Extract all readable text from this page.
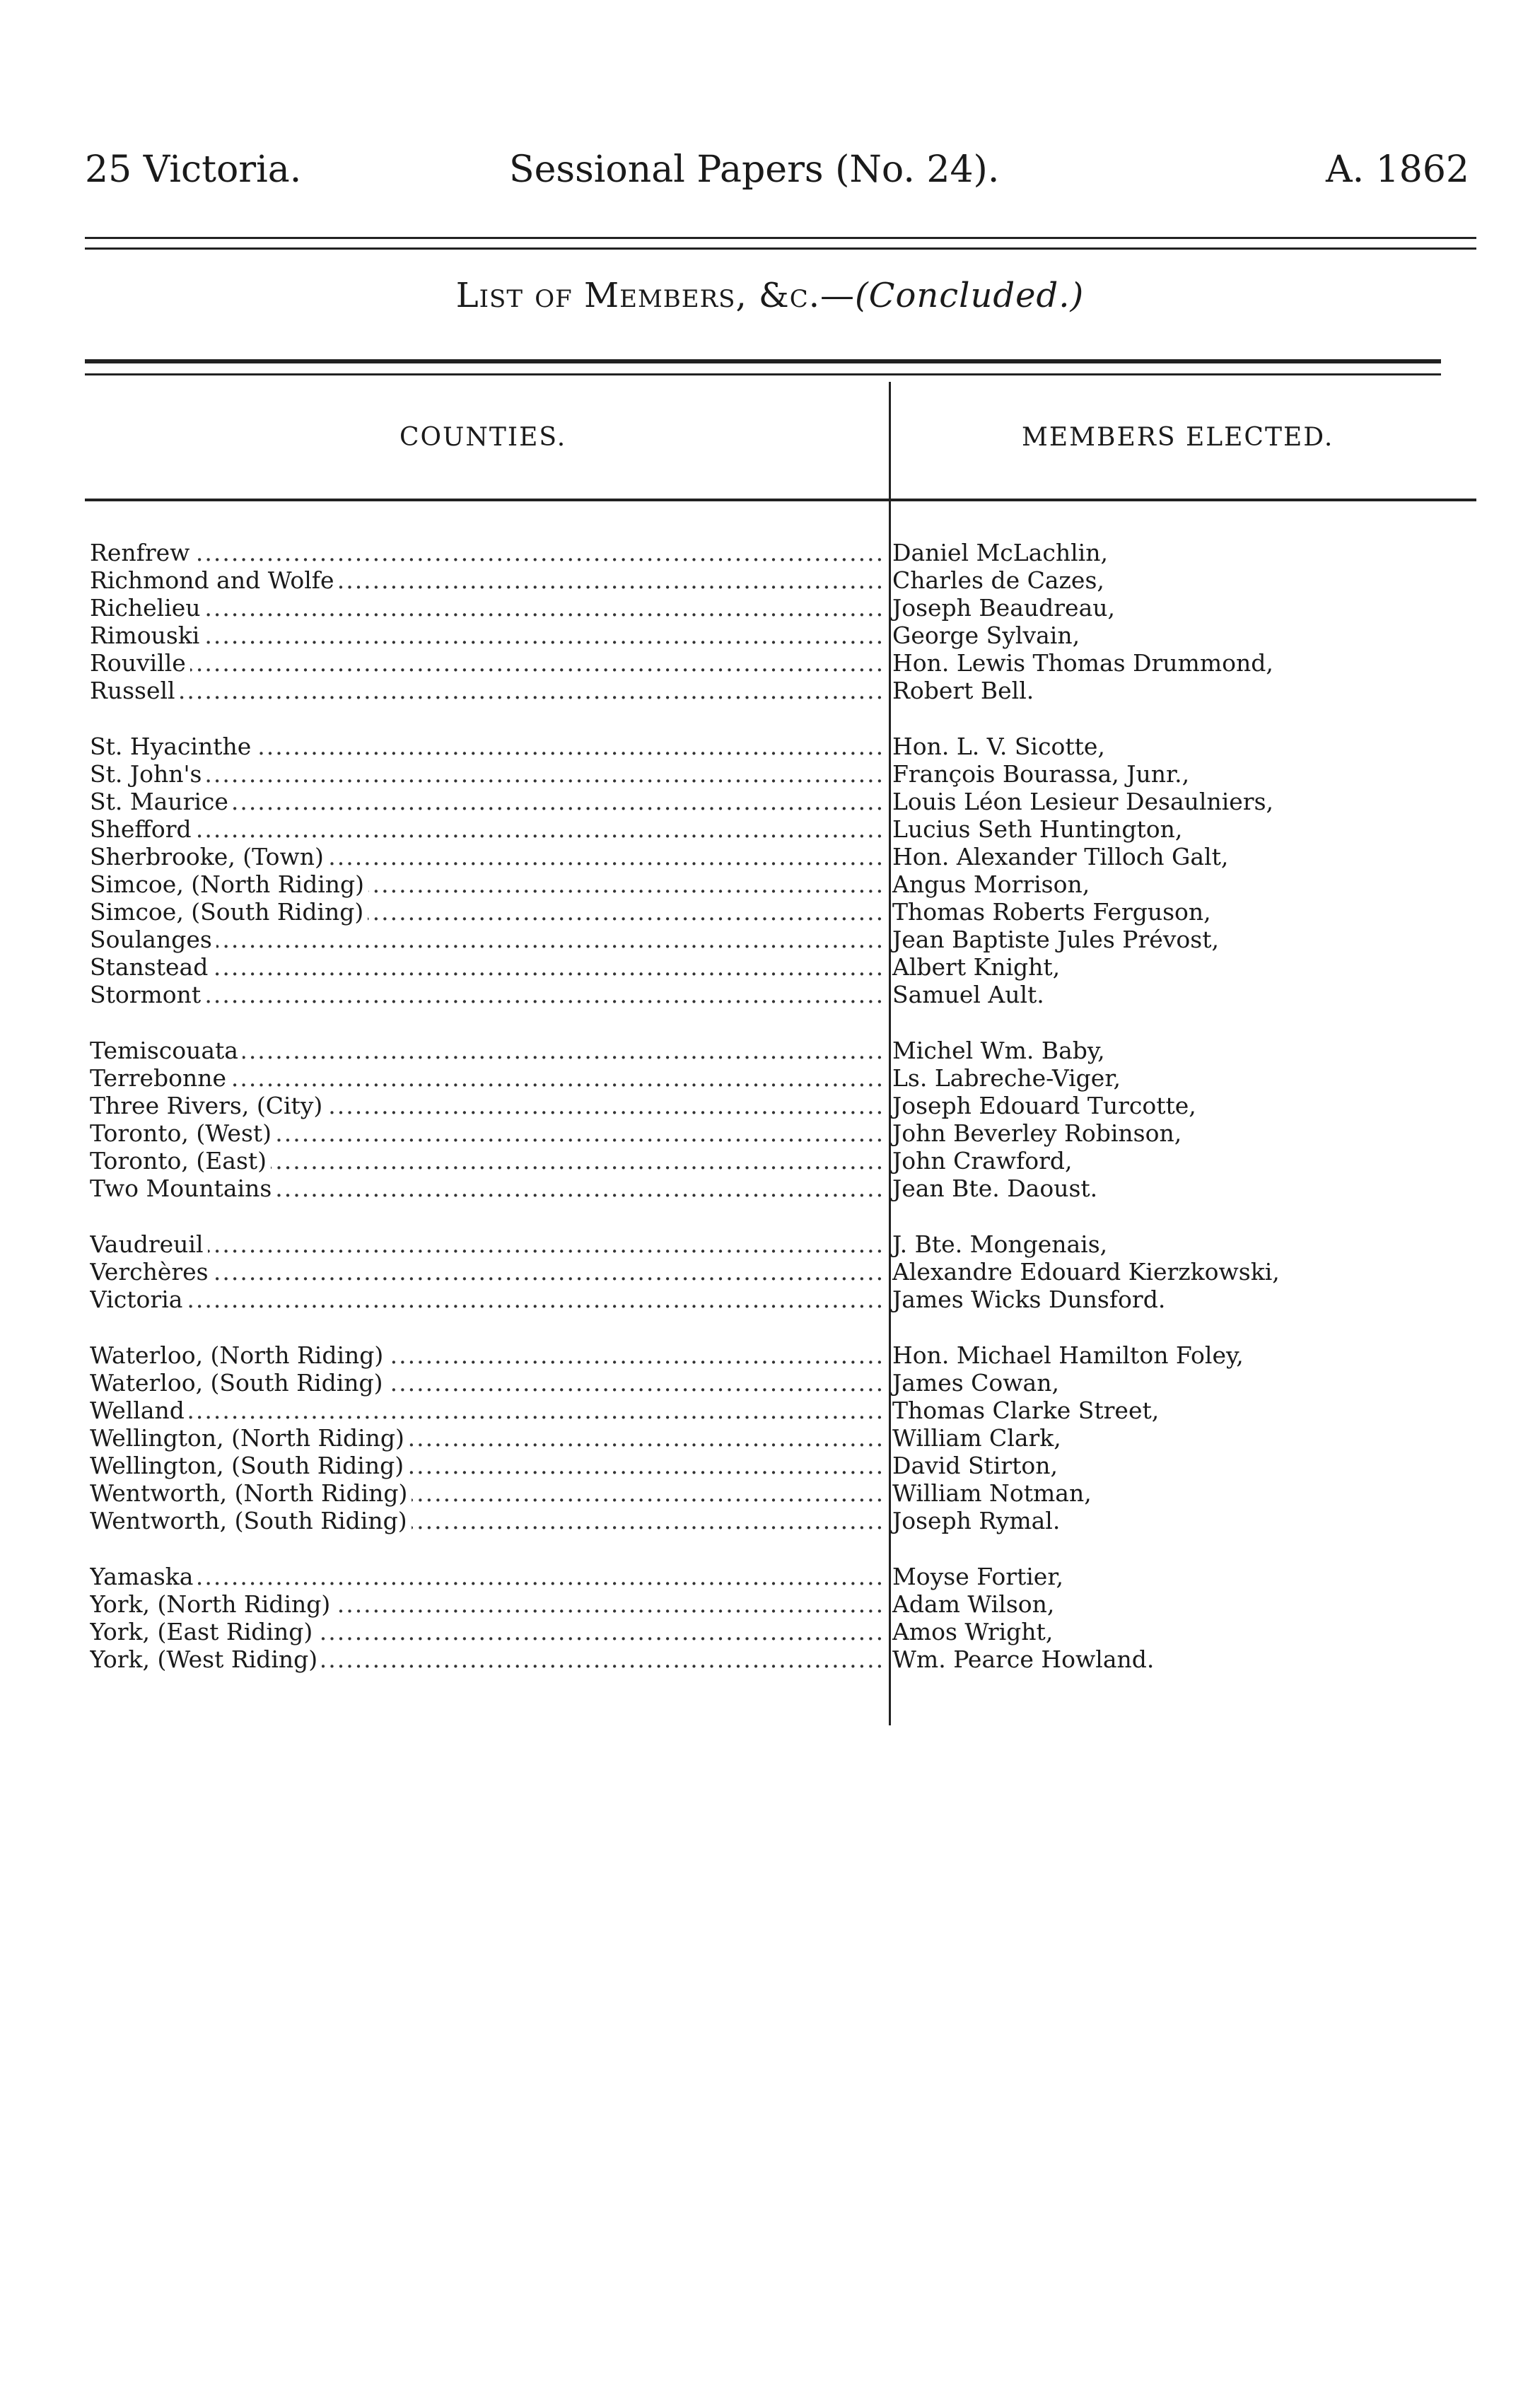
25 Victoria.	Sessional Papers (No. 24).	A. 1862
List of Members, &c.—(Concluded.)
COUNTIES.	MEMBERS ELECTED.
Renfrew .....	Daniel McLachlin,
Richmond and Wolfe .....	Charles de Cazes,
Richelieu .....	Joseph Beaudreau,
Rimouski .....	George Sylvain,
Rouville .....	Hon. Lewis Thomas Drummond,
Russell .....	Robert Bell.
St. Hyacinthe .....	Hon. L. V. Sicotte,
St. John's .....	François Bourassa, Junr.,
St. Maurice .....	Louis Léon Lesieur Desaulniers,
Shefford .....	Lucius Seth Huntington,
Sherbrooke, (Town) .....	Hon. Alexander Tilloch Galt,
Simcoe, (North Riding) .....	Angus Morrison,
Simcoe, (South Riding) .....	Thomas Roberts Ferguson,
Soulanges .....	Jean Baptiste Jules Prévost,
Stanstead .....	Albert Knight,
Stormont .....	Samuel Ault.
Temiscouata .....	Michel Wm. Baby,
Terrebonne .....	Ls. Labreche-Viger,
Three Rivers, (City) .....	Joseph Edouard Turcotte,
Toronto, (West) .....	John Beverley Robinson,
Toronto, (East) .....	John Crawford,
Two Mountains .....	Jean Bte. Daoust.
Vaudreuil .....	J. Bte. Mongenais,
Verchères .....	Alexandre Edouard Kierzkowski,
Victoria .....	James Wicks Dunsford.
Waterloo, (North Riding) .....	Hon. Michael Hamilton Foley,
Waterloo, (South Riding) .....	James Cowan,
Welland .....	Thomas Clarke Street,
Wellington, (North Riding) .....	William Clark,
Wellington, (South Riding) .....	David Stirton,
Wentworth, (North Riding) .....	William Notman,
Wentworth, (South Riding) .....	Joseph Rymal.
Yamaska .....	Moyse Fortier,
York, (North Riding) .....	Adam Wilson,
York, (East Riding) .....	Amos Wright,
York, (West Riding) .....	Wm. Pearce Howland.
